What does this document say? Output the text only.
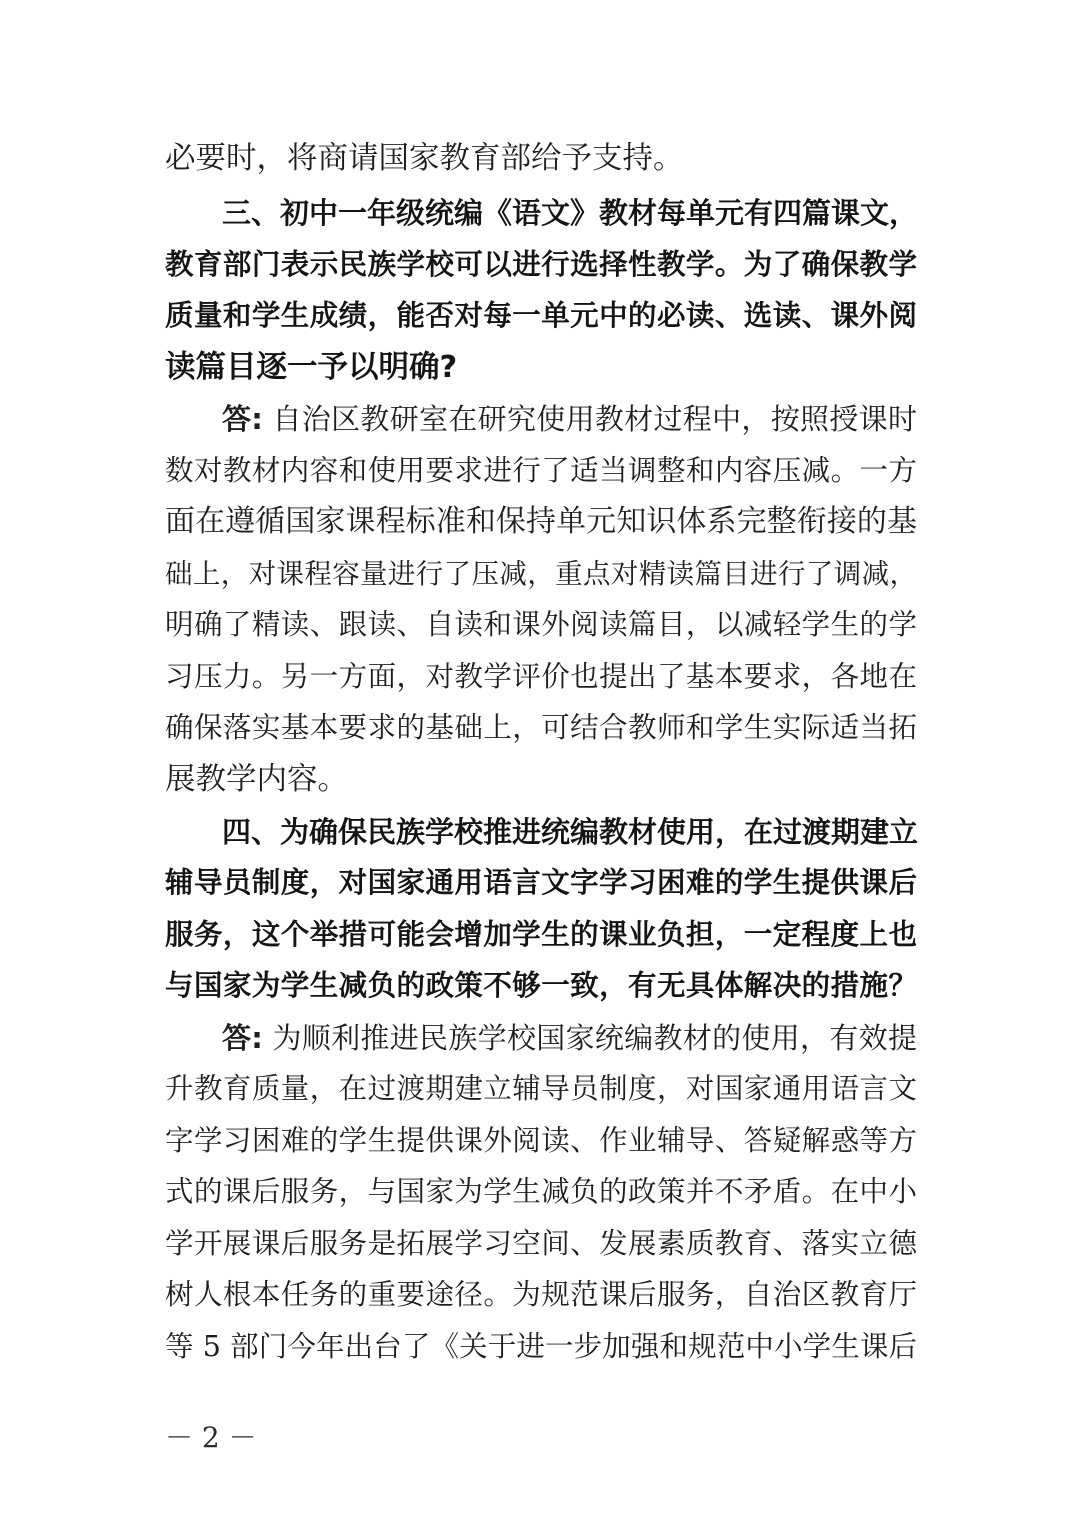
必要时，将商请国家教育部给予支持。
三、初中一年级统编《语文》教材每单元有四篇课文，
教育部门表示民族学校可以进行选择性教学。为了确保教学
质量和学生成绩，能否对每一单元中的必读、选读、课外阅
读篇目逐一予以明确?
答: 自治区教研室在研究使用教材过程中，按照授课时
数对教材内容和使用要求进行了适当调整和内容压减。一方
面在遵循国家课程标准和保持单元知识体系完整衔接的基
础上，对课程容量进行了压减，重点对精读篇目进行了调减，
明确了精读、跟读、自读和课外阅读篇目，以减轻学生的学
习压力。另一方面，对教学评价也提出了基本要求，各地在
确保落实基本要求的基础上，可结合教师和学生实际适当拓
展教学内容。
四、为确保民族学校推进统编教材使用，在过渡期建立
辅导员制度，对国家通用语言文字学习困难的学生提供课后
服务，这个举措可能会增加学生的课业负担，一定程度上也
与国家为学生减负的政策不够一致，有无具体解决的措施？
答: 为顺利推进民族学校国家统编教材的使用，有效提
升教育质量，在过渡期建立辅导员制度，对国家通用语言文
字学习困难的学生提供课外阅读、作业辅导、答疑解惑等方
式的课后服务，与国家为学生减负的政策并不矛盾。在中小
学开展课后服务是拓展学习空间、发展素质教育、落实立德
树人根本任务的重要途径。为规范课后服务，自治区教育厅
等 5 部门今年出台了《关于进一步加强和规范中小学生课后
－ 2 －
